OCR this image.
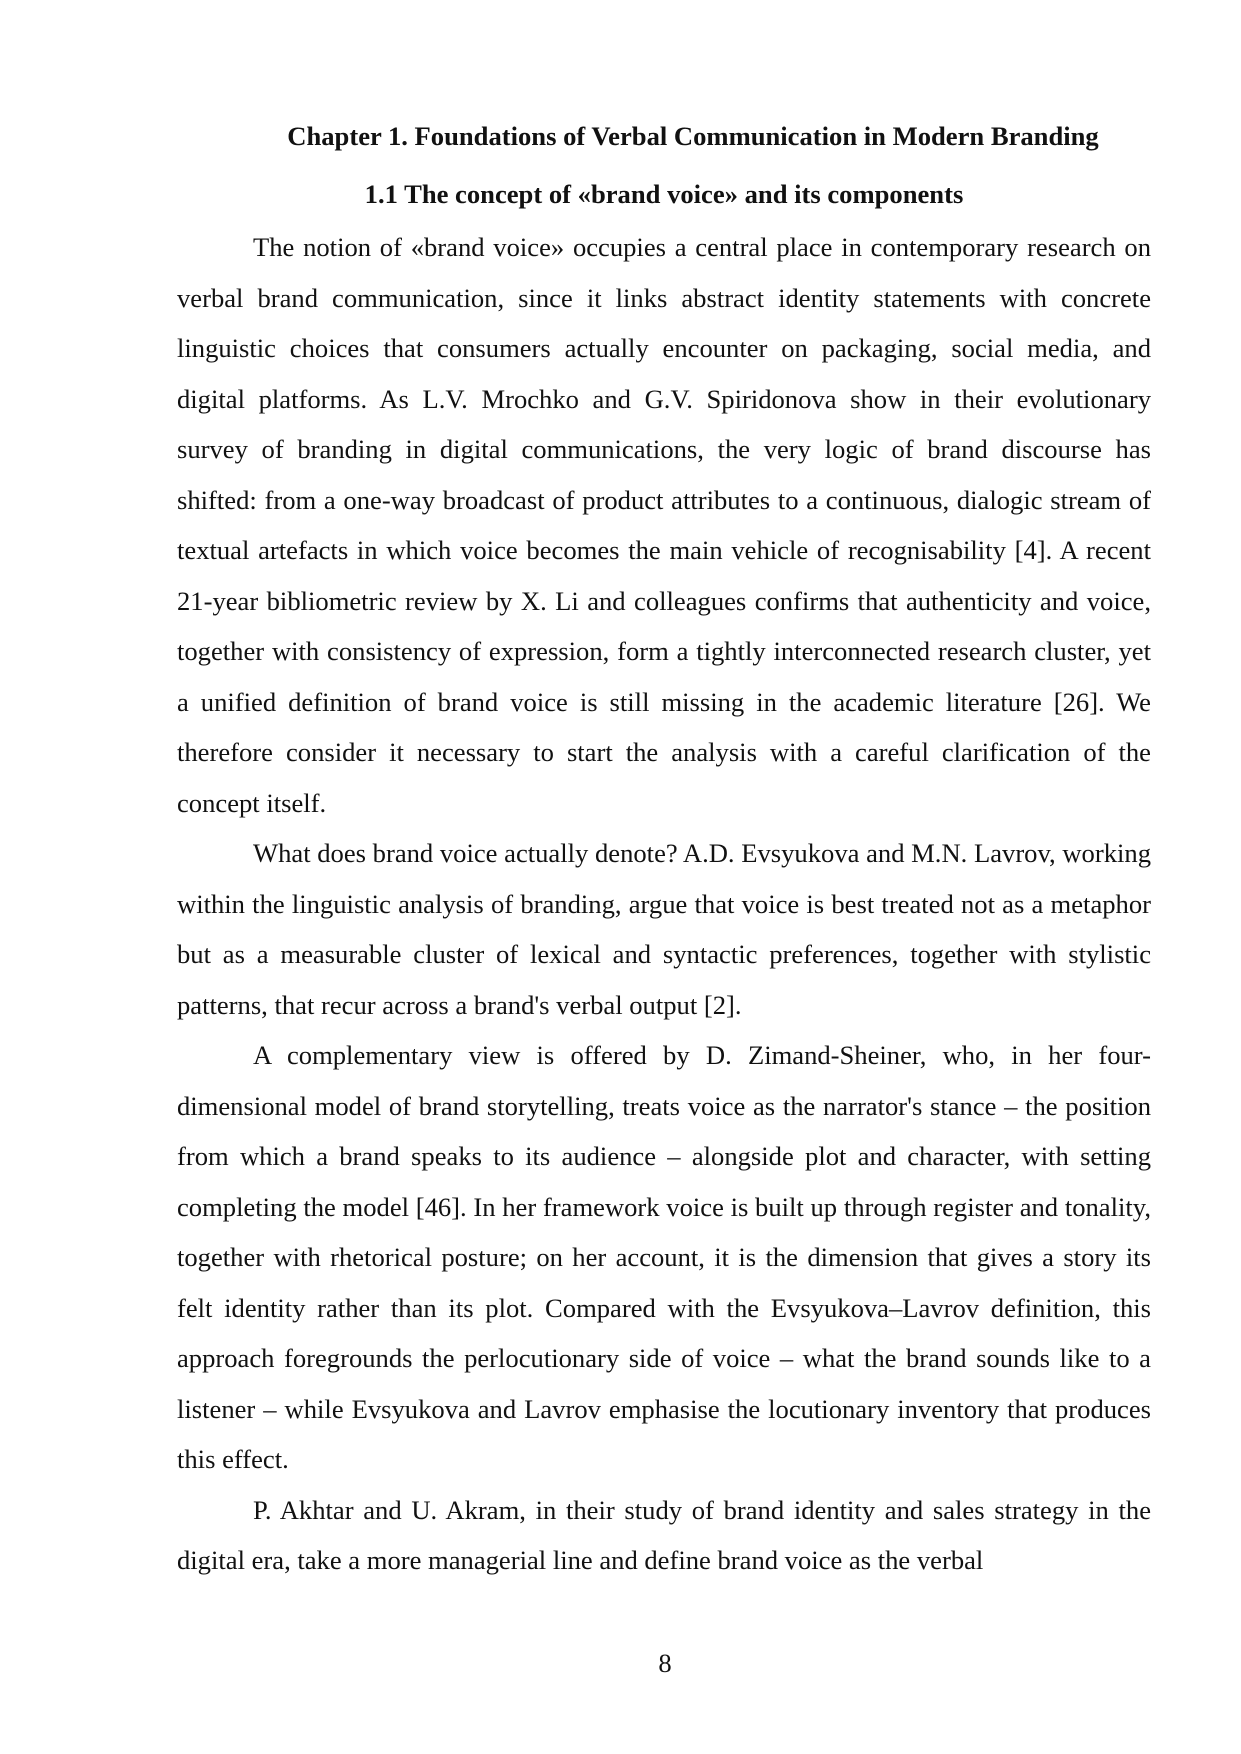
Chapter 1. Foundations of Verbal Communication in Modern Branding
1.1 The concept of «brand voice» and its components

The notion of «brand voice» occupies a central place in contemporary research on verbal brand communication, since it links abstract identity statements with concrete linguistic choices that consumers actually encounter on packaging, social media, and digital platforms. As L.V. Mrochko and G.V. Spiridonova show in their evolutionary survey of branding in digital communications, the very logic of brand discourse has shifted: from a one-way broadcast of product attributes to a continuous, dialogic stream of textual artefacts in which voice becomes the main vehicle of recognisability [4]. A recent 21-year bibliometric review by X. Li and colleagues confirms that authenticity and voice, together with consistency of expression, form a tightly interconnected research cluster, yet a unified definition of brand voice is still missing in the academic literature [26]. We therefore consider it necessary to start the analysis with a careful clarification of the concept itself.

What does brand voice actually denote? A.D. Evsyukova and M.N. Lavrov, working within the linguistic analysis of branding, argue that voice is best treated not as a metaphor but as a measurable cluster of lexical and syntactic preferences, together with stylistic patterns, that recur across a brand's verbal output [2].

A complementary view is offered by D. Zimand-Sheiner, who, in her four-dimensional model of brand storytelling, treats voice as the narrator's stance – the position from which a brand speaks to its audience – alongside plot and character, with setting completing the model [46]. In her framework voice is built up through register and tonality, together with rhetorical posture; on her account, it is the dimension that gives a story its felt identity rather than its plot. Compared with the Evsyukova–Lavrov definition, this approach foregrounds the perlocutionary side of voice – what the brand sounds like to a listener – while Evsyukova and Lavrov emphasise the locutionary inventory that produces this effect.

P. Akhtar and U. Akram, in their study of brand identity and sales strategy in the digital era, take a more managerial line and define brand voice as the verbal

8
